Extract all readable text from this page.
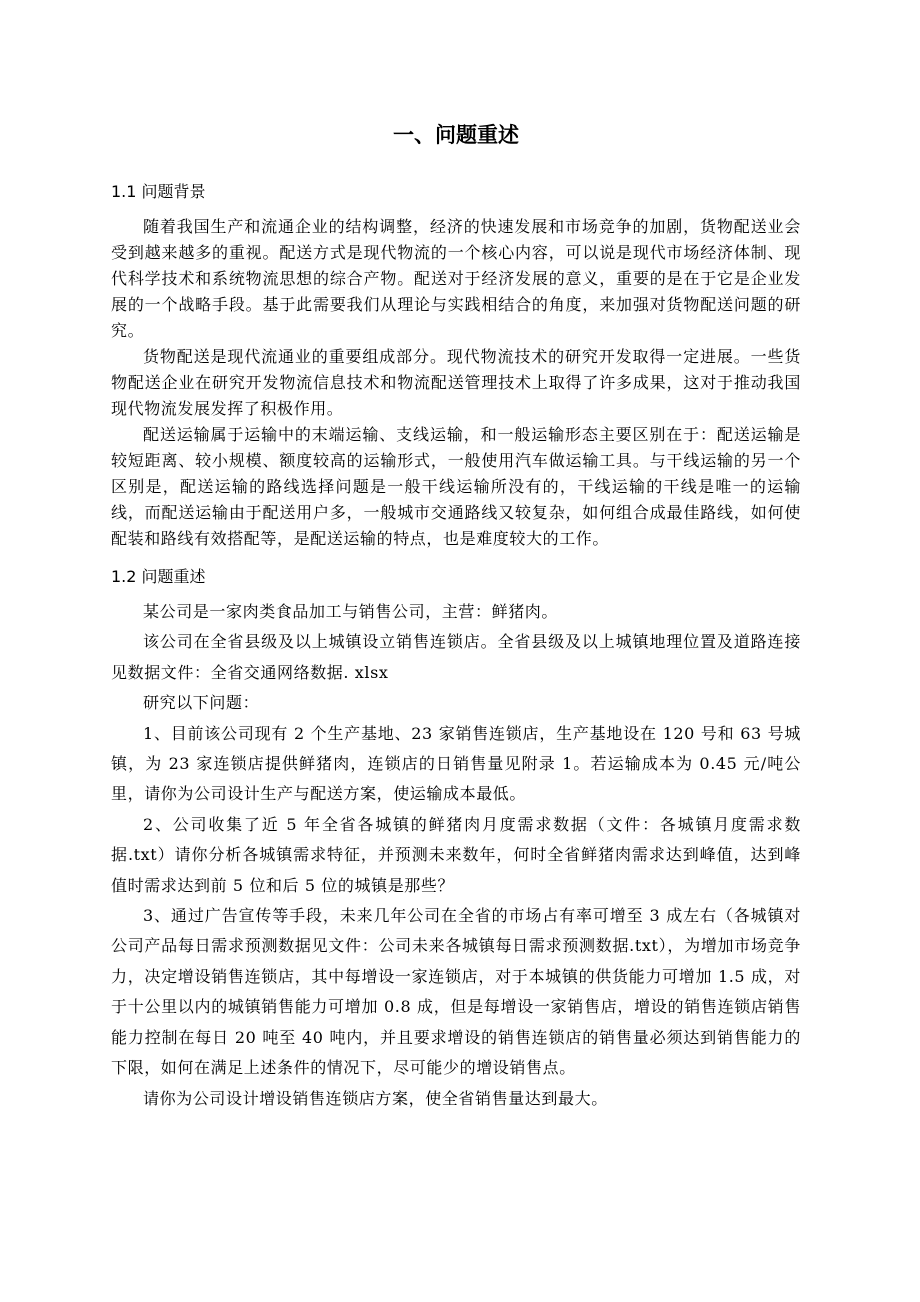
一、问题重述
1.1 问题背景

随着我国生产和流通企业的结构调整，经济的快速发展和市场竞争的加剧，货物配送业会受到越来越多的重视。配送方式是现代物流的一个核心内容，可以说是现代市场经济体制、现代科学技术和系统物流思想的综合产物。配送对于经济发展的意义，重要的是在于它是企业发展的一个战略手段。基于此需要我们从理论与实践相结合的角度，来加强对货物配送问题的研究。

货物配送是现代流通业的重要组成部分。现代物流技术的研究开发取得一定进展。一些货物配送企业在研究开发物流信息技术和物流配送管理技术上取得了许多成果，这对于推动我国现代物流发展发挥了积极作用。

配送运输属于运输中的末端运输、支线运输，和一般运输形态主要区别在于：配送运输是较短距离、较小规模、额度较高的运输形式，一般使用汽车做运输工具。与干线运输的另一个区别是，配送运输的路线选择问题是一般干线运输所没有的，干线运输的干线是唯一的运输线，而配送运输由于配送用户多，一般城市交通路线又较复杂，如何组合成最佳路线，如何使配装和路线有效搭配等，是配送运输的特点，也是难度较大的工作。

1.2 问题重述

某公司是一家肉类食品加工与销售公司，主营：鲜猪肉。

该公司在全省县级及以上城镇设立销售连锁店。全省县级及以上城镇地理位置及道路连接见数据文件：全省交通网络数据. xlsx

研究以下问题：

1、目前该公司现有 2 个生产基地、23 家销售连锁店，生产基地设在 120 号和 63 号城镇，为 23 家连锁店提供鲜猪肉，连锁店的日销售量见附录 1。若运输成本为 0.45 元/吨公里，请你为公司设计生产与配送方案，使运输成本最低。

2、公司收集了近 5 年全省各城镇的鲜猪肉月度需求数据（文件：各城镇月度需求数据.txt）请你分析各城镇需求特征，并预测未来数年，何时全省鲜猪肉需求达到峰值，达到峰值时需求达到前 5 位和后 5 位的城镇是那些？

3、通过广告宣传等手段，未来几年公司在全省的市场占有率可增至 3 成左右（各城镇对公司产品每日需求预测数据见文件：公司未来各城镇每日需求预测数据.txt），为增加市场竞争力，决定增设销售连锁店，其中每增设一家连锁店，对于本城镇的供货能力可增加 1.5 成，对于十公里以内的城镇销售能力可增加 0.8 成，但是每增设一家销售店，增设的销售连锁店销售能力控制在每日 20 吨至 40 吨内，并且要求增设的销售连锁店的销售量必须达到销售能力的下限，如何在满足上述条件的情况下，尽可能少的增设销售点。

请你为公司设计增设销售连锁店方案，使全省销售量达到最大。
